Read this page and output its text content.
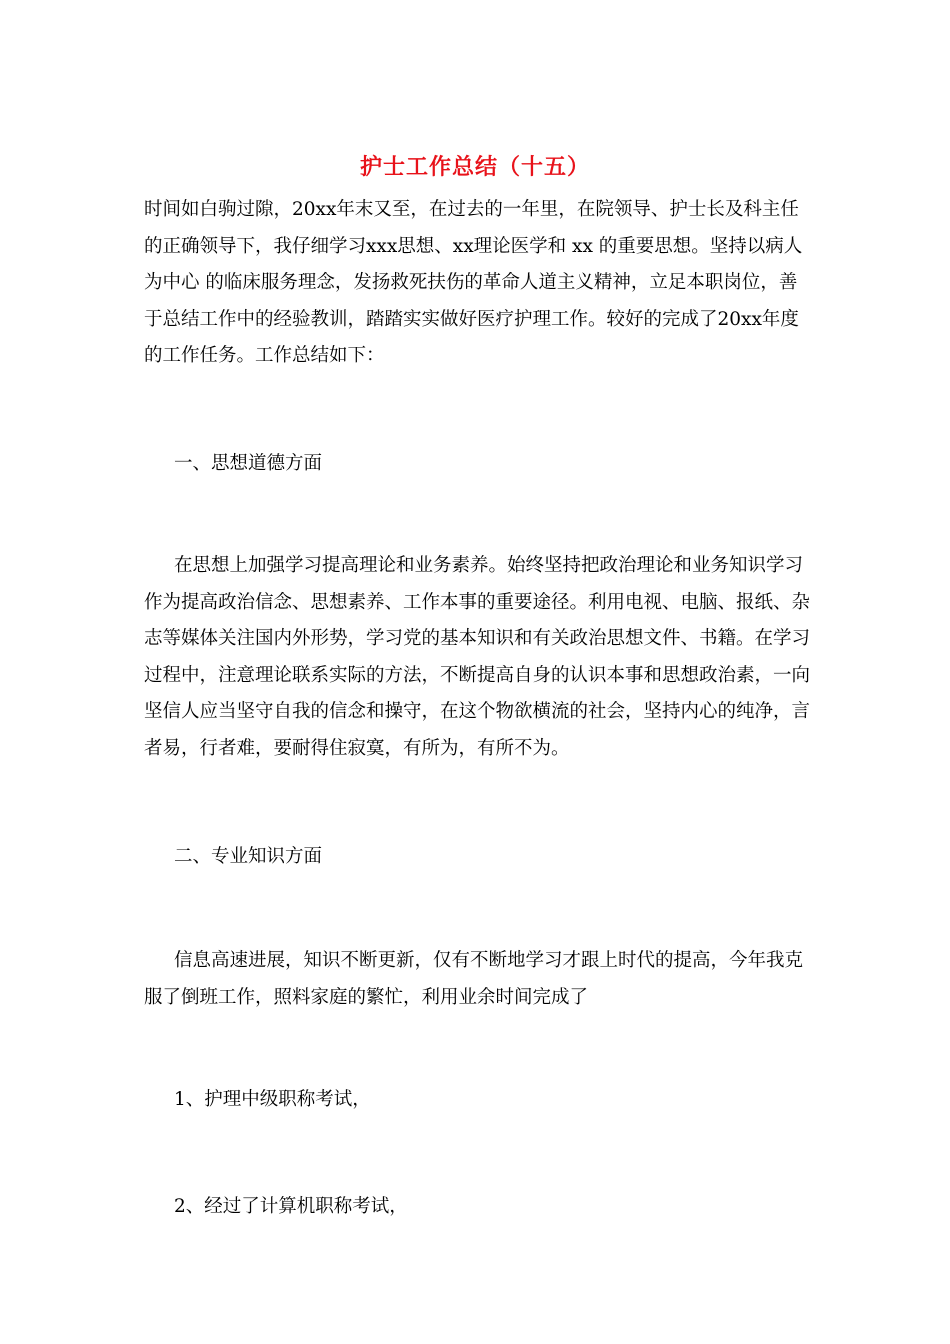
护士工作总结（十五）

时间如白驹过隙，20xx年末又至，在过去的一年里，在院领导、护士长及科主任的正确领导下，我仔细学习xxx思想、xx理论医学和 xx 的重要思想。坚持以病人为中心 的临床服务理念，发扬救死扶伤的革命人道主义精神，立足本职岗位，善于总结工作中的经验教训，踏踏实实做好医疗护理工作。较好的完成了20xx年度的工作任务。工作总结如下：

一、思想道德方面

在思想上加强学习提高理论和业务素养。始终坚持把政治理论和业务知识学习作为提高政治信念、思想素养、工作本事的重要途径。利用电视、电脑、报纸、杂志等媒体关注国内外形势，学习党的基本知识和有关政治思想文件、书籍。在学习过程中，注意理论联系实际的方法，不断提高自身的认识本事和思想政治素，一向坚信人应当坚守自我的信念和操守，在这个物欲横流的社会，坚持内心的纯净，言者易，行者难，要耐得住寂寞，有所为，有所不为。

二、专业知识方面

信息高速进展，知识不断更新，仅有不断地学习才跟上时代的提高，今年我克服了倒班工作，照料家庭的繁忙，利用业余时间完成了

1、护理中级职称考试，

2、经过了计算机职称考试，
